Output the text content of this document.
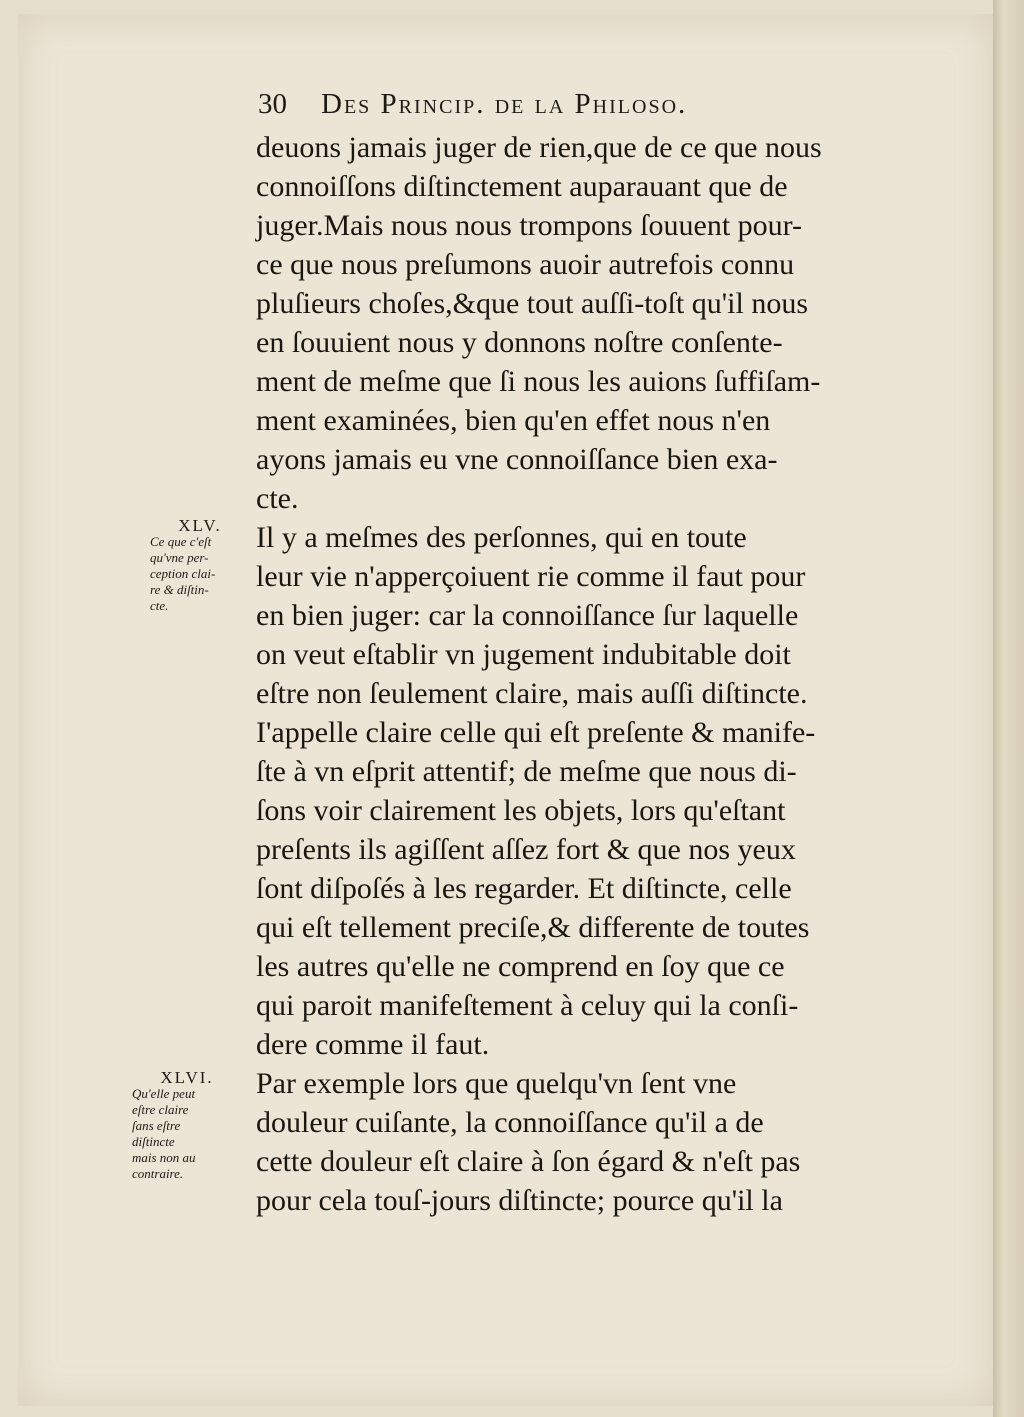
30 Des Princip. de la Philoso.
deuons jamais juger de rien,que de ce que nous
connoiſſons diſtinctement auparauant que de
juger.Mais nous nous trompons ſouuent pour-
ce que nous preſumons auoir autrefois connu
pluſieurs choſes,&que tout auſſi-toſt qu'il nous
en ſouuient nous y donnons noſtre conſente-
ment de meſme que ſi nous les auions ſuffiſam-
ment examinées, bien qu'en effet nous n'en
ayons jamais eu vne connoiſſance bien exa-
cte.
Il y a meſmes des perſonnes, qui en toute
leur vie n'apperçoiuent rie comme il faut pour
en bien juger: car la connoiſſance ſur laquelle
on veut eſtablir vn jugement indubitable doit
eſtre non ſeulement claire, mais auſſi diſtincte.
I'appelle claire celle qui eſt preſente & manife-
ſte à vn eſprit attentif; de meſme que nous di-
ſons voir clairement les objets, lors qu'eſtant
preſents ils agiſſent aſſez fort & que nos yeux
ſont diſpoſés à les regarder. Et diſtincte, celle
qui eſt tellement preciſe,& differente de toutes
les autres qu'elle ne comprend en ſoy que ce
qui paroit manifeſtement à celuy qui la conſi-
dere comme il faut.
Par exemple lors que quelqu'vn ſent vne
douleur cuiſante, la connoiſſance qu'il a de
cette douleur eſt claire à ſon égard & n'eſt pas
pour cela touſ-jours diſtincte; pource qu'il la
XLV.
Ce que c'eſt
qu'vne per-
ception clai-
re & diſtin-
cte.
XLVI.
Qu'elle peut
eſtre claire
ſans eſtre
diſtincte
mais non au
contraire.
